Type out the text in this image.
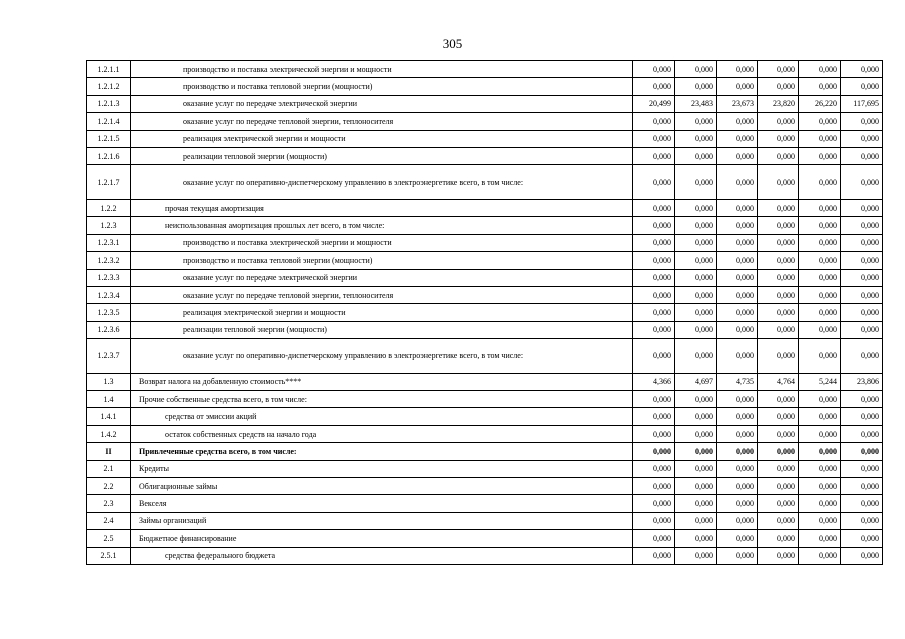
305
1.2.1.1	производство и поставка электрической энергии и мощности	0,000	0,000	0,000	0,000	0,000	0,000
1.2.1.2	производство и поставка тепловой энергии (мощности)	0,000	0,000	0,000	0,000	0,000	0,000
1.2.1.3	оказание услуг по передаче электрической энергии	20,499	23,483	23,673	23,820	26,220	117,695
1.2.1.4	оказание услуг по передаче тепловой энергии, теплоносителя	0,000	0,000	0,000	0,000	0,000	0,000
1.2.1.5	реализация электрической энергии и мощности	0,000	0,000	0,000	0,000	0,000	0,000
1.2.1.6	реализации тепловой энергии (мощности)	0,000	0,000	0,000	0,000	0,000	0,000
1.2.1.7	оказание услуг по оперативно-диспетчерскому управлению в электроэнергетике всего, в том числе:	0,000	0,000	0,000	0,000	0,000	0,000
1.2.2	прочая текущая амортизация	0,000	0,000	0,000	0,000	0,000	0,000
1.2.3	неиспользованная амортизация прошлых лет всего, в том числе:	0,000	0,000	0,000	0,000	0,000	0,000
1.2.3.1	производство и поставка электрической энергии и мощности	0,000	0,000	0,000	0,000	0,000	0,000
1.2.3.2	производство и поставка тепловой энергии (мощности)	0,000	0,000	0,000	0,000	0,000	0,000
1.2.3.3	оказание услуг по передаче электрической энергии	0,000	0,000	0,000	0,000	0,000	0,000
1.2.3.4	оказание услуг по передаче тепловой энергии, теплоносителя	0,000	0,000	0,000	0,000	0,000	0,000
1.2.3.5	реализация электрической энергии и мощности	0,000	0,000	0,000	0,000	0,000	0,000
1.2.3.6	реализации тепловой энергии (мощности)	0,000	0,000	0,000	0,000	0,000	0,000
1.2.3.7	оказание услуг по оперативно-диспетчерскому управлению в электроэнергетике всего, в том числе:	0,000	0,000	0,000	0,000	0,000	0,000
1.3	Возврат налога на добавленную стоимость****	4,366	4,697	4,735	4,764	5,244	23,806
1.4	Прочие собственные средства всего, в том числе:	0,000	0,000	0,000	0,000	0,000	0,000
1.4.1	средства от эмиссии акций	0,000	0,000	0,000	0,000	0,000	0,000
1.4.2	остаток собственных средств на начало года	0,000	0,000	0,000	0,000	0,000	0,000
II	Привлеченные средства всего, в том числе:	0,000	0,000	0,000	0,000	0,000	0,000
2.1	Кредиты	0,000	0,000	0,000	0,000	0,000	0,000
2.2	Облигационные займы	0,000	0,000	0,000	0,000	0,000	0,000
2.3	Векселя	0,000	0,000	0,000	0,000	0,000	0,000
2.4	Займы организаций	0,000	0,000	0,000	0,000	0,000	0,000
2.5	Бюджетное финансирование	0,000	0,000	0,000	0,000	0,000	0,000
2.5.1	средства федерального бюджета	0,000	0,000	0,000	0,000	0,000	0,000
